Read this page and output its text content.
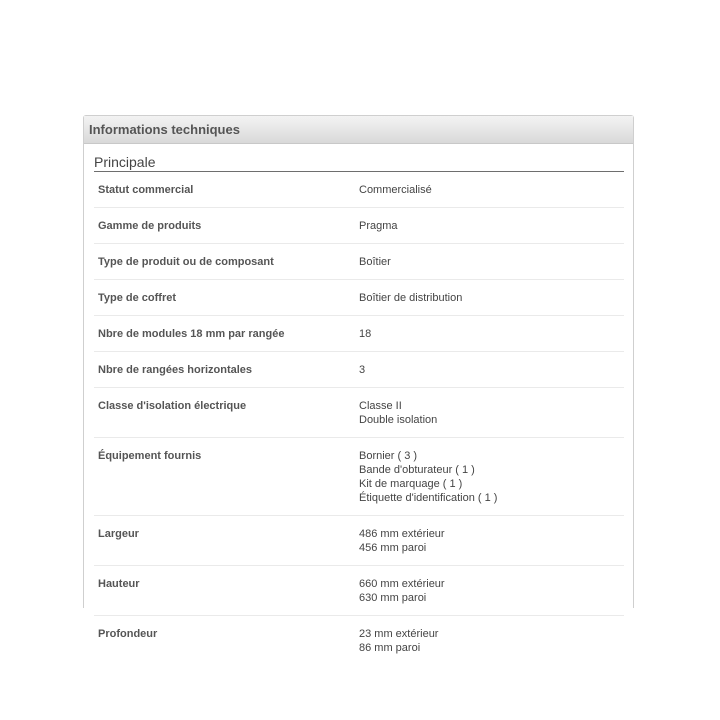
Informations techniques
Principale
Statut commercial	Commercialisé
Gamme de produits	Pragma
Type de produit ou de composant	Boîtier
Type de coffret	Boîtier de distribution
Nbre de modules 18 mm par rangée	18
Nbre de rangées horizontales	3
Classe d'isolation électrique	Classe II
Double isolation
Équipement fournis	Bornier ( 3 )
Bande d'obturateur ( 1 )
Kit de marquage ( 1 )
Étiquette d'identification ( 1 )
Largeur	486 mm extérieur
456 mm paroi
Hauteur	660 mm extérieur
630 mm paroi
Profondeur	23 mm extérieur
86 mm paroi
